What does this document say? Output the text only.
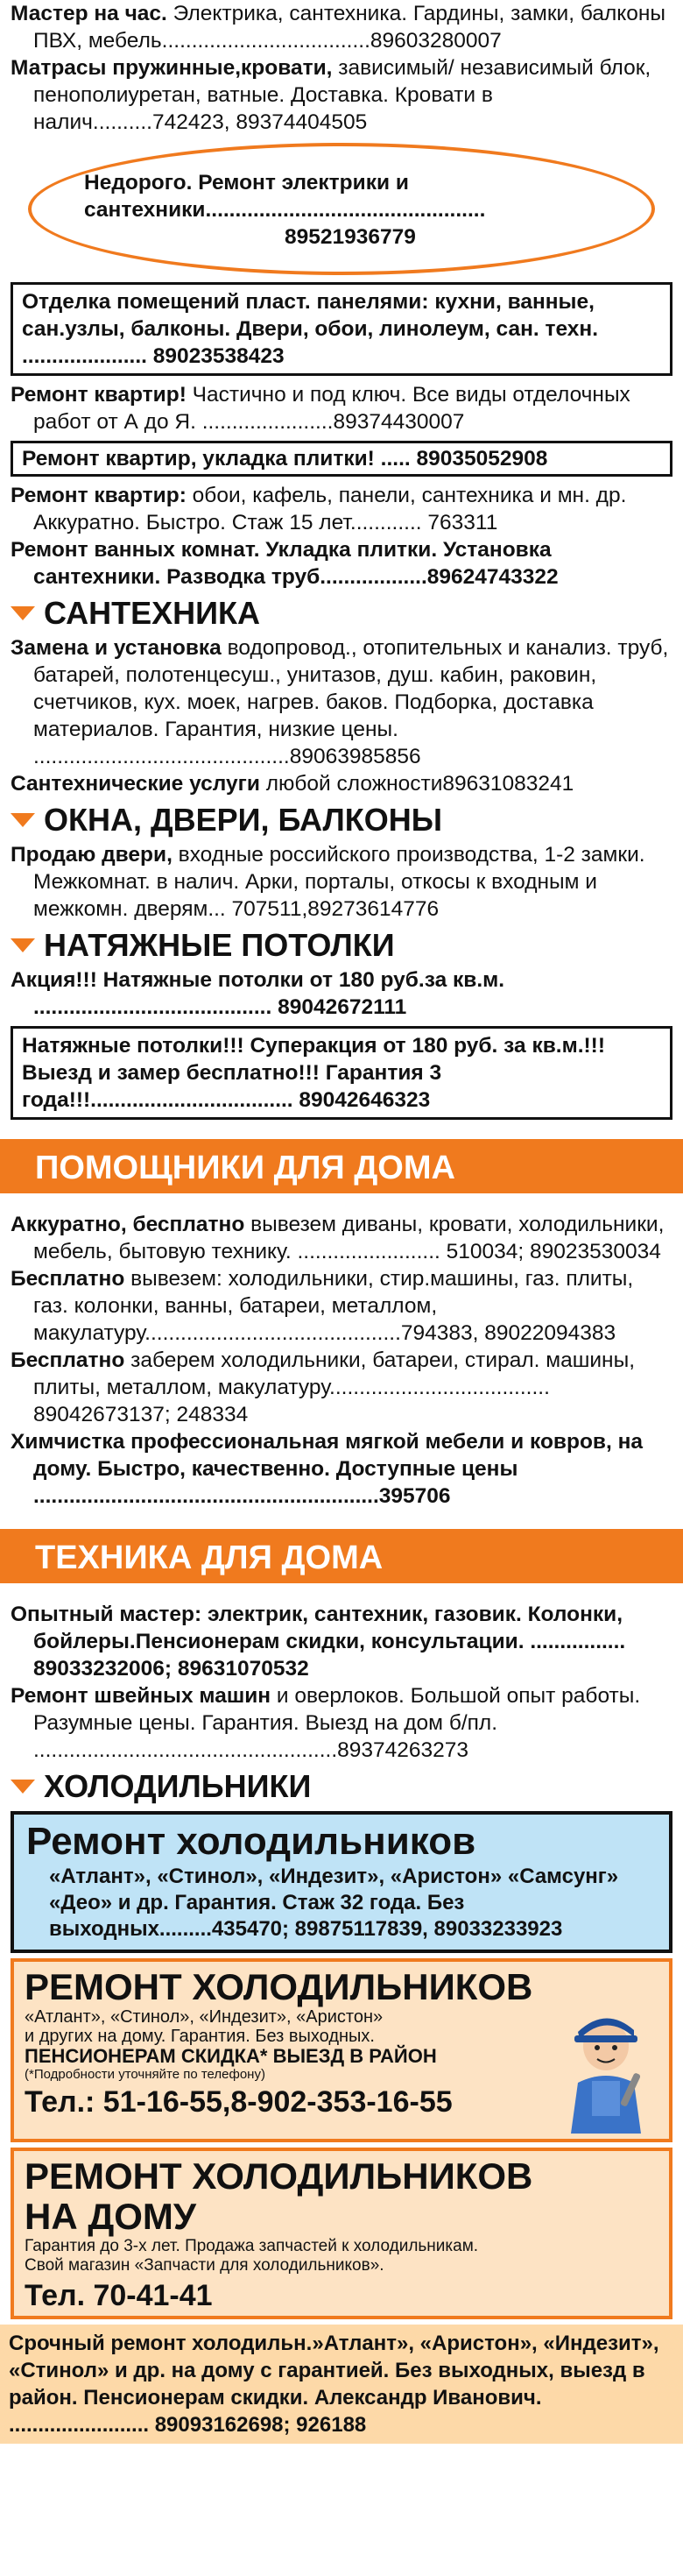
Мастер на час. Электрика, сантехника. Гардины, замки, балконы ПВХ, мебель...................................89603280007

Матрасы пружинные,кровати, зависимый/ независимый блок, пенополиуретан, ватные. Доставка. Кровати в налич..........742423, 89374404505

Недорого. Ремонт электрики и
сантехники...............................................
89521936779
Отделка помещений пласт. панелями: кухни, ванные, сан.узлы, балконы. Двери, обои, линолеум, сан. техн. ..................... 89023538423

Ремонт квартир! Частично и под ключ. Все виды отделочных работ от А до Я. ......................89374430007

Ремонт квартир, укладка плитки! ..... 89035052908

Ремонт квартир: обои, кафель, панели, сантехника и мн. др. Аккуратно. Быстро. Стаж 15 лет............ 763311

Ремонт ванных комнат. Укладка плитки. Установка сантехники. Разводка труб..................89624743322

САНТЕХНИКА

Замена и установка водопровод., отопительных и канализ. труб, батарей, полотенцесуш., унитазов, душ. кабин, раковин, счетчиков, кух. моек, нагрев. баков. Подборка, доставка материалов. Гарантия, низкие цены. ...........................................89063985856

Сантехнические услуги любой сложности89631083241

ОКНА, ДВЕРИ, БАЛКОНЫ

Продаю двери, входные российского производства, 1-2 замки. Межкомнат. в налич. Арки, порталы, откосы к входным и межкомн. дверям... 707511,89273614776

НАТЯЖНЫЕ ПОТОЛКИ

Акция!!! Натяжные потолки от 180 руб.за кв.м. ........................................ 89042672111

Натяжные потолки!!! Суперакция от 180 руб. за кв.м.!!! Выезд и замер бесплатно!!! Гарантия 3 года!!!.................................. 89042646323
ПОМОЩНИКИ ДЛЯ ДОМА

Аккуратно, бесплатно вывезем диваны, кровати, холодильники, мебель, бытовую технику. ........................ 510034; 89023530034

Бесплатно вывезем: холодильники, стир.машины, газ. плиты, газ. колонки, ванны, батареи, металлом, макулатуру...........................................794383, 89022094383

Бесплатно заберем холодильники, батареи, стирал. машины, плиты, металлом, макулатуру..................................... 89042673137; 248334

Химчистка профессиональная мягкой мебели и ковров, на дому. Быстро, качественно. Доступные цены ..........................................................395706

ТЕХНИКА ДЛЯ ДОМА

Опытный мастер: электрик, сантехник, газовик. Колонки, бойлеры.Пенсионерам скидки, консультации. ................ 89033232006; 89631070532

Ремонт швейных машин и оверлоков. Большой опыт работы. Разумные цены. Гарантия. Выезд на дом б/пл. ...................................................89374263273

ХОЛОДИЛЬНИКИ
Ремонт холодильников
«Атлант», «Стинол», «Индезит», «Аристон» «Самсунг» «Део» и др. Гарантия. Стаж 32 года. Без выходных.........435470; 89875117839, 89033233923
РЕМОНТ ХОЛОДИЛЬНИКОВ
«Атлант», «Стинол», «Индезит», «Аристон»
и других на дому. Гарантия. Без выходных.
ПЕНСИОНЕРАМ СКИДКА* ВЫЕЗД В РАЙОН
(*Подробности уточняйте по телефону)
Тел.: 51-16-55,8-902-353-16-55
РЕМОНТ ХОЛОДИЛЬНИКОВ
НА ДОМУ
Гарантия до 3-х лет. Продажа запчастей к холодильникам.
Свой магазин «Запчасти для холодильников».
Тел. 70-41-41
Срочный ремонт холодильн.»Атлант», «Аристон», «Индезит», «Стинол» и др. на дому с гарантией. Без выходных, выезд в район. Пенсионерам скидки. Александр Иванович. ........................ 89093162698; 926188
